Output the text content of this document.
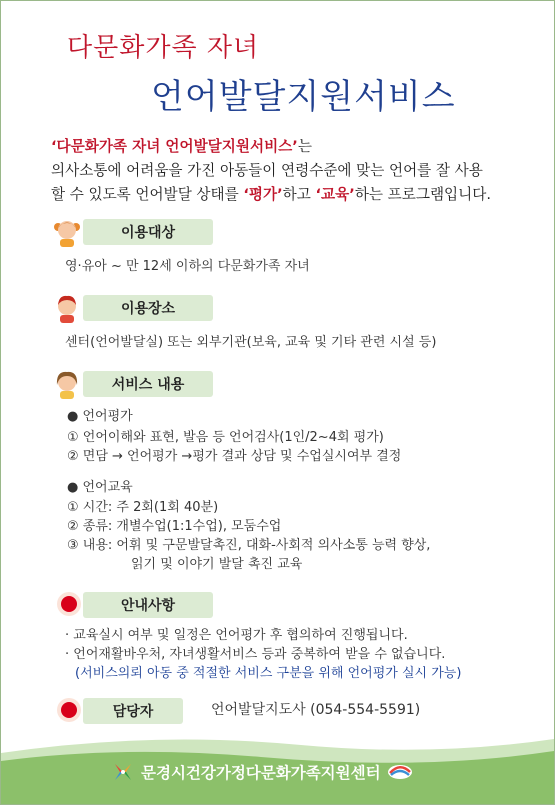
다문화가족 자녀
언어발달지원서비스
‘다문화가족 자녀 언어발달지원서비스’는
의사소통에 어려움을 가진 아동들이 연령수준에 맞는 언어를 잘 사용
할 수 있도록 언어발달 상태를 ‘평가’하고 ‘교육’하는 프로그램입니다.
이용대상
영·유아 ~ 만 12세 이하의 다문화가족 자녀
이용장소
센터(언어발달실) 또는 외부기관(보육, 교육 및 기타 관련 시설 등)
서비스 내용
● 언어평가
① 언어이해와 표현, 발음 등 언어검사(1인/2~4회 평가)
② 면담 → 언어평가 →평가 결과 상담 및 수업실시여부 결정
● 언어교육
① 시간: 주 2회(1회 40분)
② 종류: 개별수업(1:1수업), 모둠수업
③ 내용: 어휘 및 구문발달촉진, 대화-사회적 의사소통 능력 향상,
읽기 및 이야기 발달 촉진 교육
안내사항
· 교육실시 여부 및 일정은 언어평가 후 협의하여 진행됩니다.
· 언어재활바우처, 자녀생활서비스 등과 중복하여 받을 수 없습니다.
(서비스의뢰 아동 중 적절한 서비스 구분을 위해 언어평가 실시 가능)
담당자	언어발달지도사 (054-554-5591)
문경시건강가정다문화가족지원센터
